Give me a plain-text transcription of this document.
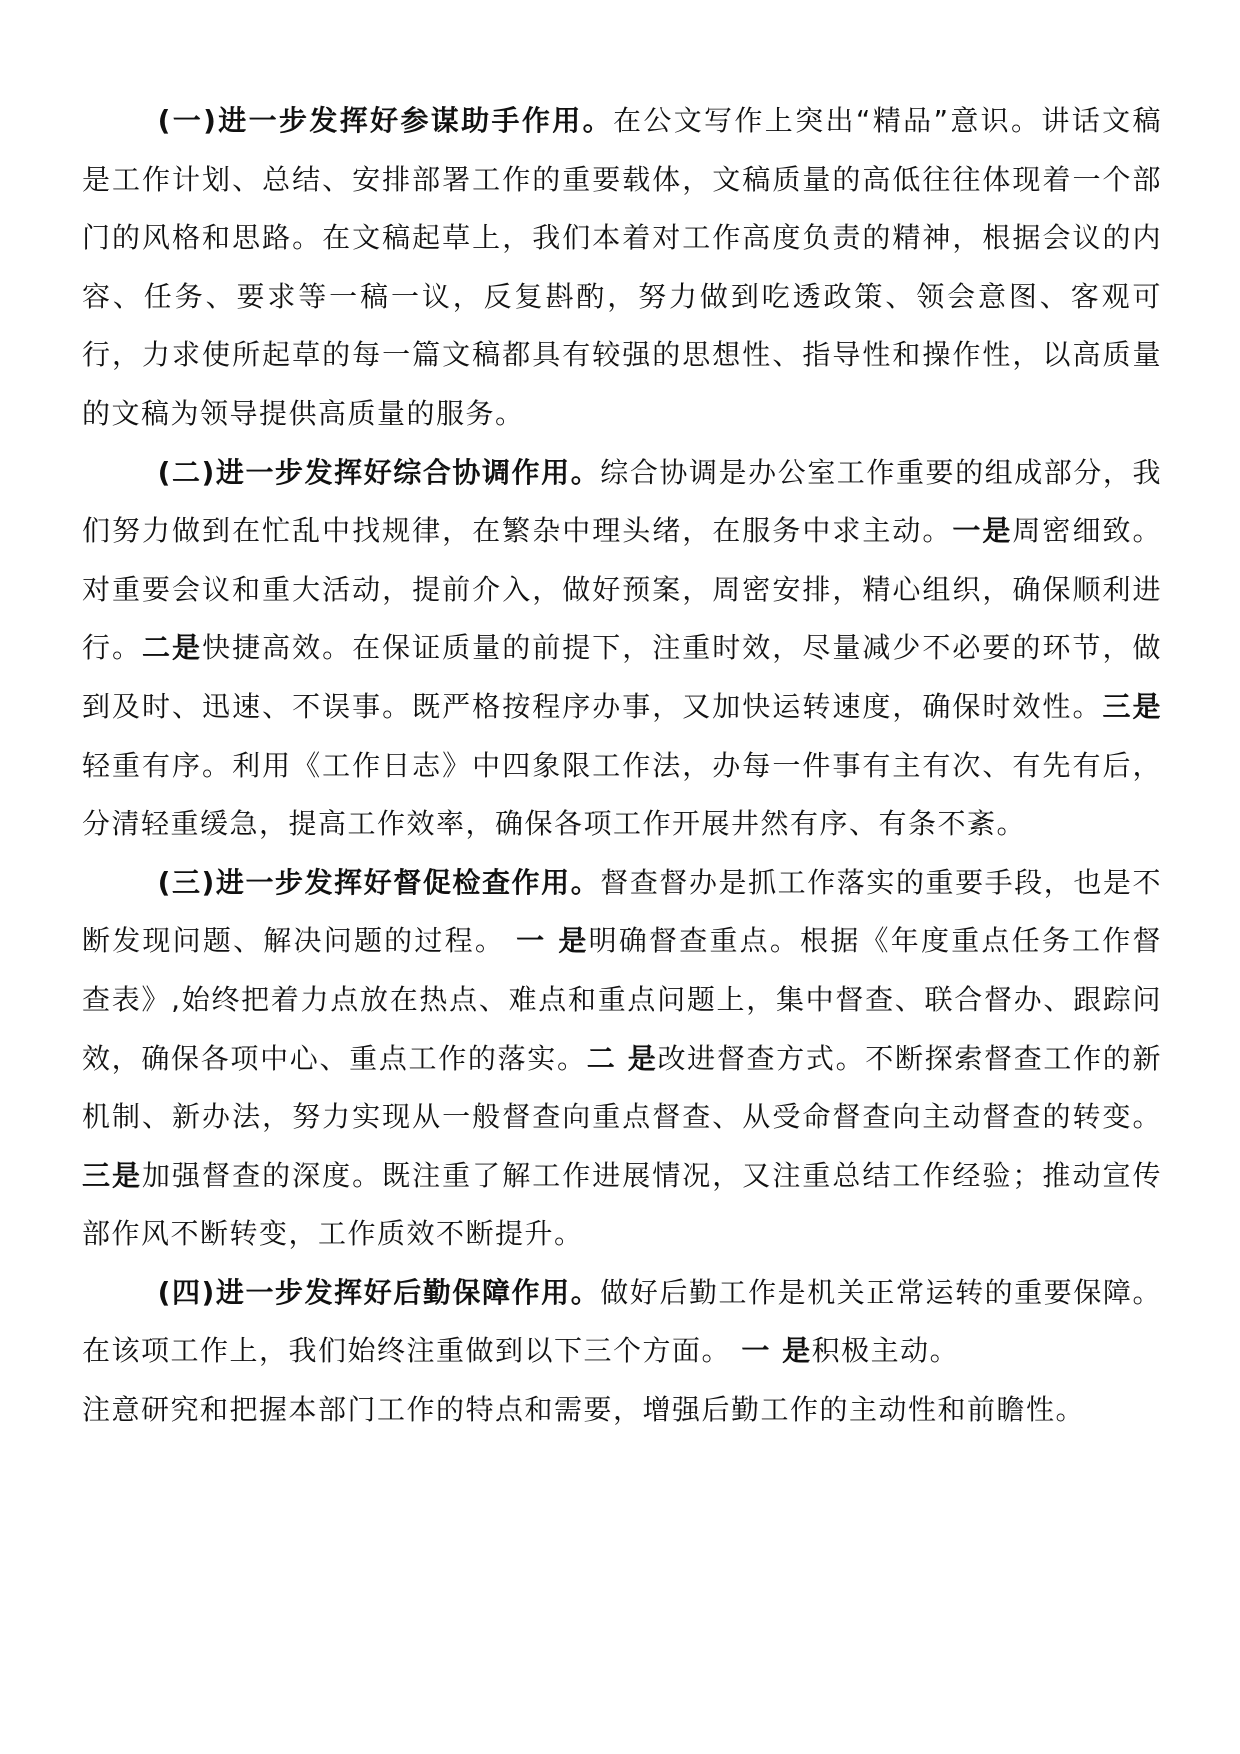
(一)进一步发挥好参谋助手作用。在公文写作上突出“精品”意识。讲话文稿是工作计划、总结、安排部署工作的重要载体，文稿质量的高低往往体现着一个部门的风格和思路。在文稿起草上，我们本着对工作高度负责的精神，根据会议的内容、任务、要求等一稿一议，反复斟酌，努力做到吃透政策、领会意图、客观可行，力求使所起草的每一篇文稿都具有较强的思想性、指导性和操作性，以高质量的文稿为领导提供高质量的服务。

(二)进一步发挥好综合协调作用。综合协调是办公室工作重要的组成部分，我们努力做到在忙乱中找规律，在繁杂中理头绪，在服务中求主动。一是周密细致。对重要会议和重大活动，提前介入，做好预案，周密安排，精心组织，确保顺利进行。二是快捷高效。在保证质量的前提下，注重时效，尽量减少不必要的环节，做到及时、迅速、不误事。既严格按程序办事，又加快运转速度，确保时效性。三是轻重有序。利用《工作日志》中四象限工作法，办每一件事有主有次、有先有后，分清轻重缓急，提高工作效率，确保各项工作开展井然有序、有条不紊。

(三)进一步发挥好督促检查作用。督查督办是抓工作落实的重要手段，也是不断发现问题、解决问题的过程。 一 是明确督查重点。根据《年度重点任务工作督查表》,始终把着力点放在热点、难点和重点问题上，集中督查、联合督办、跟踪问效，确保各项中心、重点工作的落实。二 是改进督查方式。不断探索督查工作的新机制、新办法，努力实现从一般督查向重点督查、从受命督查向主动督查的转变。三是加强督查的深度。既注重了解工作进展情况，又注重总结工作经验；推动宣传部作风不断转变，工作质效不断提升。

(四)进一步发挥好后勤保障作用。做好后勤工作是机关正常运转的重要保障。在该项工作上，我们始终注重做到以下三个方面。 一 是积极主动。

注意研究和把握本部门工作的特点和需要，增强后勤工作的主动性和前瞻性。
